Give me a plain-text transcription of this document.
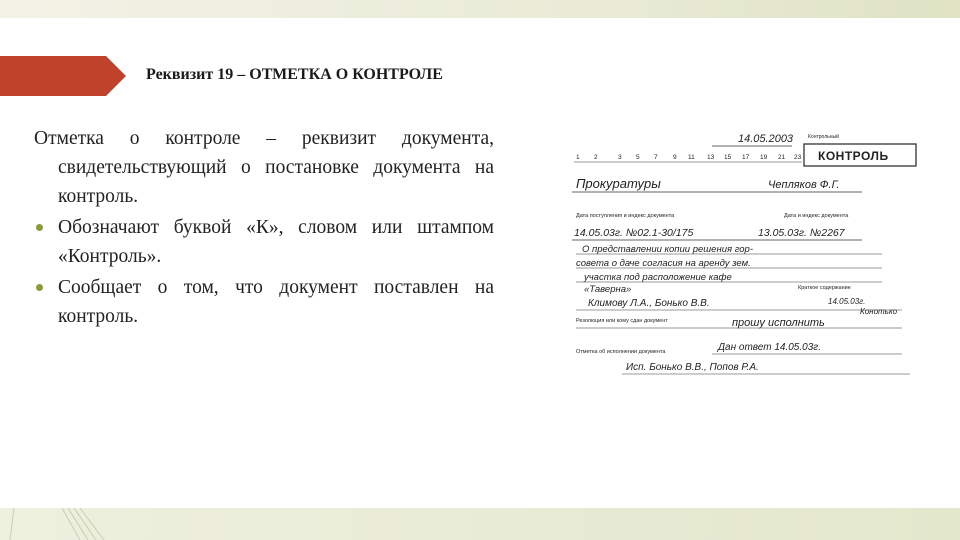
Реквизит 19 – ОТМЕТКА О КОНТРОЛЕ
Отметка о контроле – реквизит документа, свидетельствующий о постановке документа на контроль.
Обозначают буквой «К», словом или штампом «Контроль».
Сообщает о том, что документ поставлен на контроль.
14.05.2003	Контрольный
1 2	3 5 7 9 11 13 15 17 19 21 23 КОНТРОЛЬ
Прокуратуры	Чепляков Ф.Г.
Дата поступления и индекс документа	Дата и индекс документа
14.05.03г. №02.1-30/175	13.05.03г. №2267
О представлении копии решения гор-
совета о даче согласия на аренду зем.
участка под расположение кафе
«Таверна»	Краткое содержание
Климову Л.А., Бонько В.В.	14.05.03г.
Конотько
Резолюция или кому сдан документ	прошу исполнить
Отметка об исполнении документа	Дан ответ 14.05.03г.
Исп. Бонько В.В., Попов Р.А.
